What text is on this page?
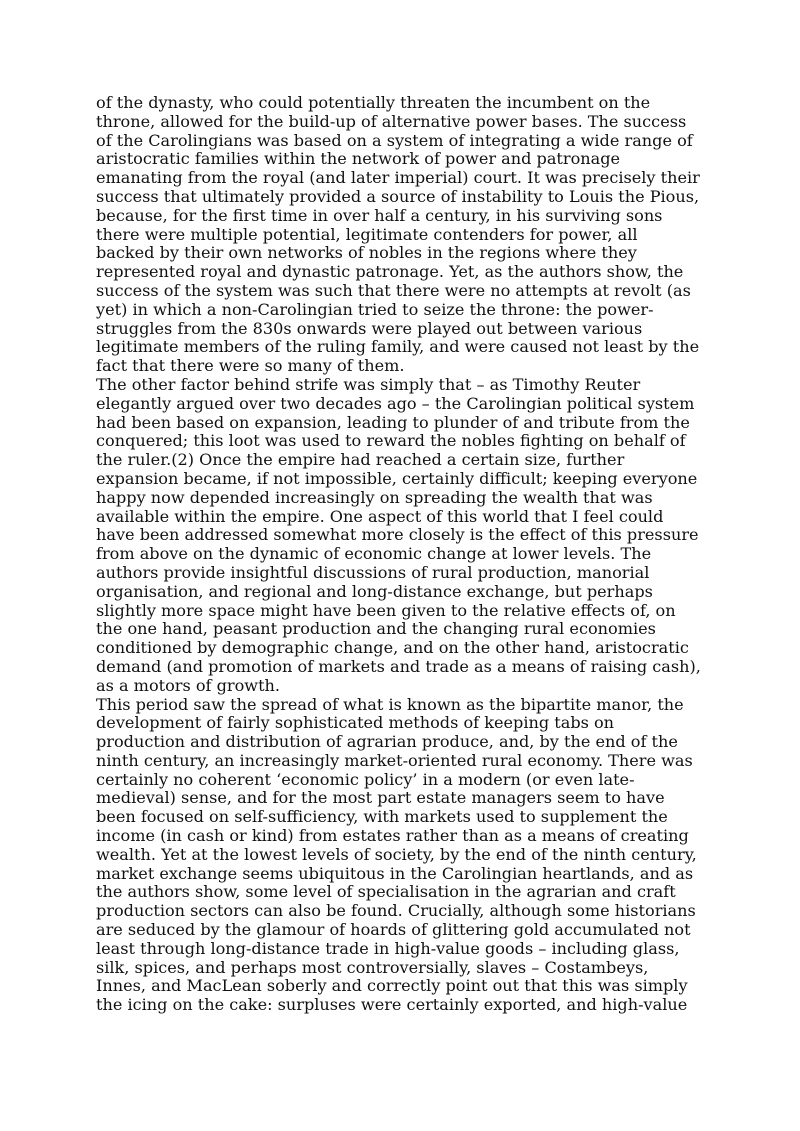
of the dynasty, who could potentially threaten the incumbent on the
throne, allowed for the build-up of alternative power bases. The success
of the Carolingians was based on a system of integrating a wide range of
aristocratic families within the network of power and patronage
emanating from the royal (and later imperial) court. It was precisely their
success that ultimately provided a source of instability to Louis the Pious,
because, for the first time in over half a century, in his surviving sons
there were multiple potential, legitimate contenders for power, all
backed by their own networks of nobles in the regions where they
represented royal and dynastic patronage. Yet, as the authors show, the
success of the system was such that there were no attempts at revolt (as
yet) in which a non-Carolingian tried to seize the throne: the power-
struggles from the 830s onwards were played out between various
legitimate members of the ruling family, and were caused not least by the
fact that there were so many of them.
The other factor behind strife was simply that – as Timothy Reuter
elegantly argued over two decades ago – the Carolingian political system
had been based on expansion, leading to plunder of and tribute from the
conquered; this loot was used to reward the nobles fighting on behalf of
the ruler.(2) Once the empire had reached a certain size, further
expansion became, if not impossible, certainly difficult; keeping everyone
happy now depended increasingly on spreading the wealth that was
available within the empire. One aspect of this world that I feel could
have been addressed somewhat more closely is the effect of this pressure
from above on the dynamic of economic change at lower levels. The
authors provide insightful discussions of rural production, manorial
organisation, and regional and long-distance exchange, but perhaps
slightly more space might have been given to the relative effects of, on
the one hand, peasant production and the changing rural economies
conditioned by demographic change, and on the other hand, aristocratic
demand (and promotion of markets and trade as a means of raising cash),
as a motors of growth.
This period saw the spread of what is known as the bipartite manor, the
development of fairly sophisticated methods of keeping tabs on
production and distribution of agrarian produce, and, by the end of the
ninth century, an increasingly market-oriented rural economy. There was
certainly no coherent ‘economic policy’ in a modern (or even late-
medieval) sense, and for the most part estate managers seem to have
been focused on self-sufficiency, with markets used to supplement the
income (in cash or kind) from estates rather than as a means of creating
wealth. Yet at the lowest levels of society, by the end of the ninth century,
market exchange seems ubiquitous in the Carolingian heartlands, and as
the authors show, some level of specialisation in the agrarian and craft
production sectors can also be found. Crucially, although some historians
are seduced by the glamour of hoards of glittering gold accumulated not
least through long-distance trade in high-value goods – including glass,
silk, spices, and perhaps most controversially, slaves – Costambeys,
Innes, and MacLean soberly and correctly point out that this was simply
the icing on the cake: surpluses were certainly exported, and high-value
